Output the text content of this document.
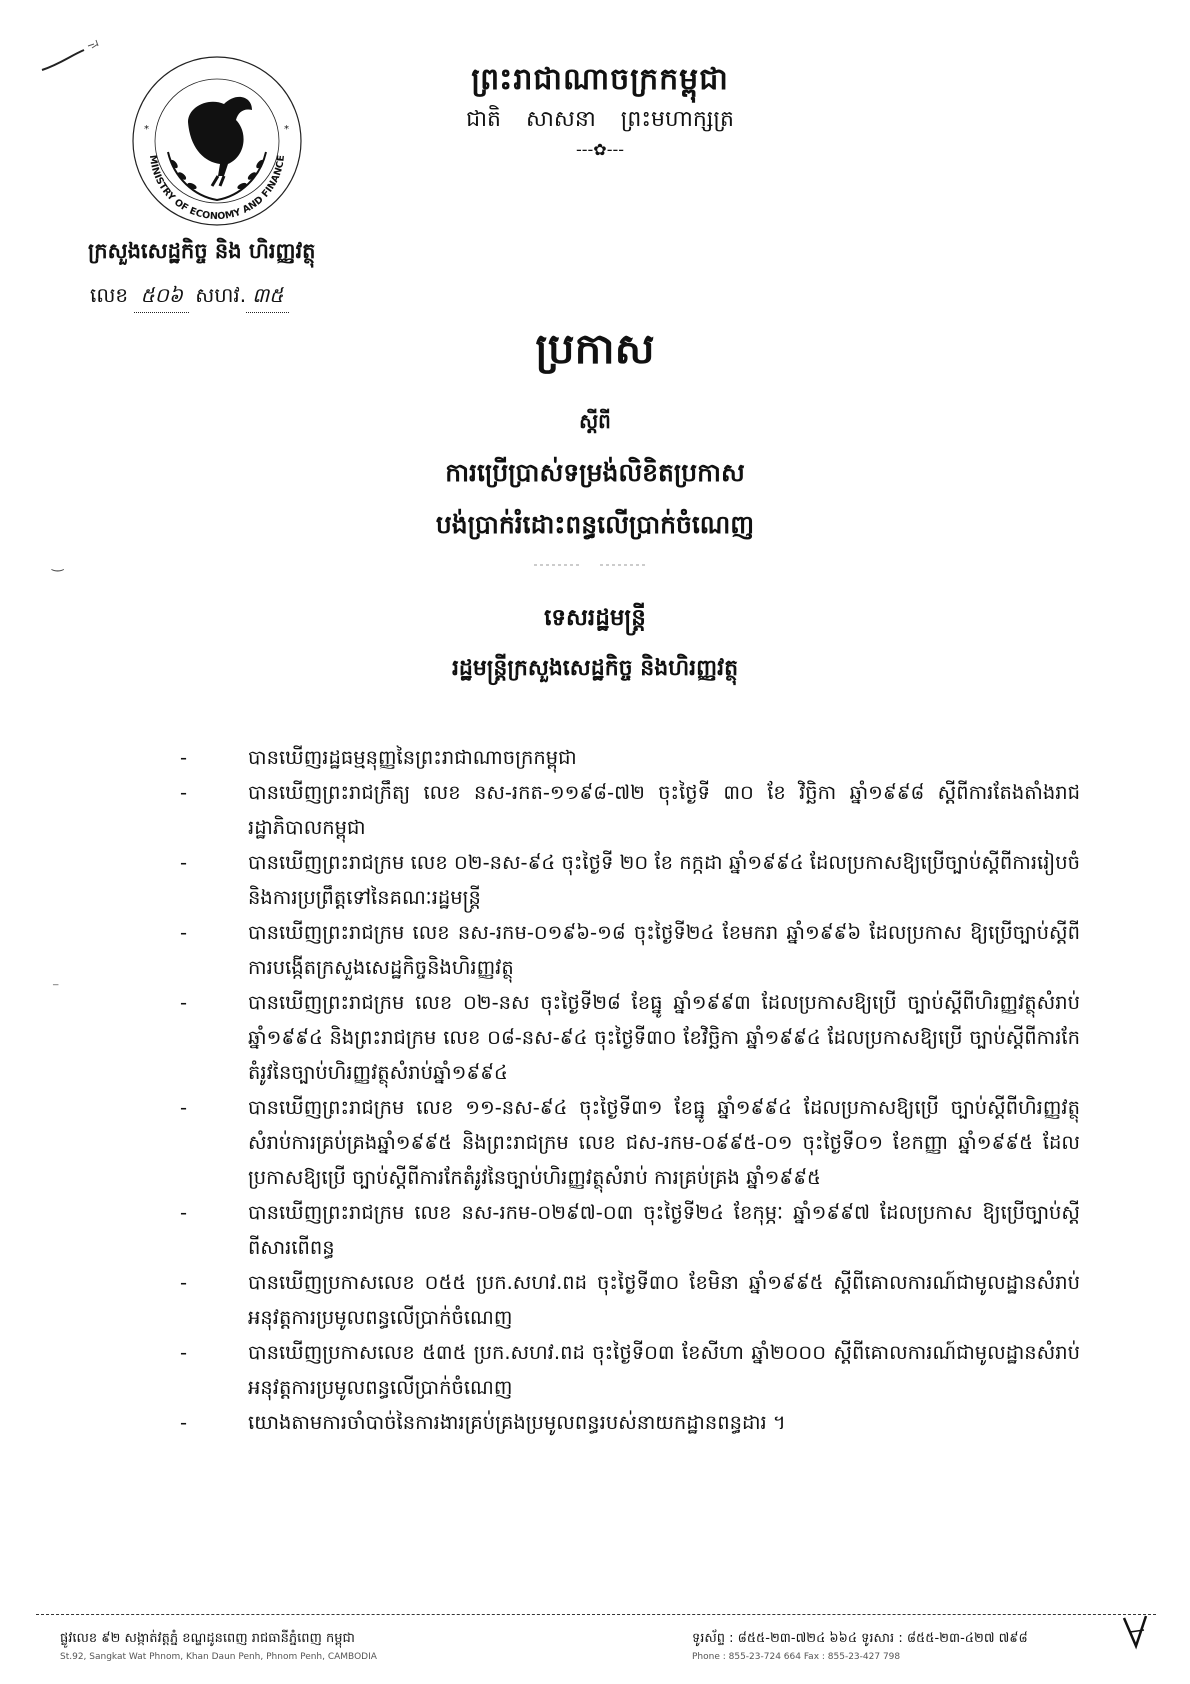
ព្រះរាជាណាចក្រកម្ពុជា
ជាតិ សាសនា ព្រះមហាក្សត្រ
---✿---
MINISTRY OF ECONOMY AND FINANCE
*	*
ក្រសួងសេដ្ឋកិច្ច និង ហិរញ្ញវត្ថុ
លេខ ៥០៦ សហវ. ៣៥
ប្រកាស
ស្តីពី
ការប្រើប្រាស់ទម្រង់លិខិតប្រកាស
បង់ប្រាក់រំដោះពន្ធលើប្រាក់ចំណេញ
ទេសរដ្ឋមន្ត្រី
រដ្ឋមន្ត្រីក្រសួងសេដ្ឋកិច្ច និងហិរញ្ញវត្ថុ
-	បានឃើញរដ្ឋធម្មនុញ្ញនៃព្រះរាជាណាចក្រកម្ពុជា
-	បានឃើញព្រះរាជក្រឹត្យ លេខ នស-រកត-១១៩៨-៧២ ចុះថ្ងៃទី ៣០ ខែ វិច្ឆិកា ឆ្នាំ១៩៩៨ ស្តីពីការតែងតាំងរាជរដ្ឋាភិបាលកម្ពុជា
-	បានឃើញព្រះរាជក្រម លេខ ០២-នស-៩៤ ចុះថ្ងៃទី ២០ ខែ កក្កដា ឆ្នាំ១៩៩៤ ដែលប្រកាសឱ្យប្រើច្បាប់ស្តីពីការរៀបចំនិងការប្រព្រឹត្តទៅនៃគណៈរដ្ឋមន្ត្រី
-	បានឃើញព្រះរាជក្រម លេខ នស-រកម-០១៩៦-១៨ ចុះថ្ងៃទី២៤ ខែមករា ឆ្នាំ១៩៩៦ ដែលប្រកាស ឱ្យប្រើច្បាប់ស្តីពីការបង្កើតក្រសួងសេដ្ឋកិច្ចនិងហិរញ្ញវត្ថុ
-	បានឃើញព្រះរាជក្រម លេខ ០២-នស ចុះថ្ងៃទី២៨ ខែធ្នូ ឆ្នាំ១៩៩៣ ដែលប្រកាសឱ្យប្រើ ច្បាប់ស្តីពីហិរញ្ញវត្ថុសំរាប់ឆ្នាំ១៩៩៤ និងព្រះរាជក្រម លេខ ០៨-នស-៩៤ ចុះថ្ងៃទី៣០ ខែវិច្ឆិកា ឆ្នាំ១៩៩៤ ដែលប្រកាសឱ្យប្រើ ច្បាប់ស្តីពីការកែតំរូវនៃច្បាប់ហិរញ្ញវត្ថុសំរាប់ឆ្នាំ១៩៩៤
-	បានឃើញព្រះរាជក្រម លេខ ១១-នស-៩៤ ចុះថ្ងៃទី៣១ ខែធ្នូ ឆ្នាំ១៩៩៤ ដែលប្រកាសឱ្យប្រើ ច្បាប់ស្តីពីហិរញ្ញវត្ថុសំរាប់ការគ្រប់គ្រងឆ្នាំ១៩៩៥ និងព្រះរាជក្រម លេខ ជស-រកម-០៩៩៥-០១ ចុះថ្ងៃទី០១ ខែកញ្ញា ឆ្នាំ១៩៩៥ ដែលប្រកាសឱ្យប្រើ ច្បាប់ស្តីពីការកែតំរូវនៃច្បាប់ហិរញ្ញវត្ថុសំរាប់ ការគ្រប់គ្រង ឆ្នាំ១៩៩៥
-	បានឃើញព្រះរាជក្រម លេខ នស-រកម-០២៩៧-០៣ ចុះថ្ងៃទី២៤ ខែកុម្ភៈ ឆ្នាំ១៩៩៧ ដែលប្រកាស ឱ្យប្រើច្បាប់ស្តីពីសារពើពន្ធ
-	បានឃើញប្រកាសលេខ ០៥៥ ប្រក.សហវ.ពដ ចុះថ្ងៃទី៣០ ខែមិនា ឆ្នាំ១៩៩៥ ស្តីពីគោលការណ៍ជាមូលដ្ឋានសំរាប់អនុវត្តការប្រមូលពន្ធលើប្រាក់ចំណេញ
-	បានឃើញប្រកាសលេខ ៥៣៥ ប្រក.សហវ.ពដ ចុះថ្ងៃទី០៣ ខែសីហា ឆ្នាំ២០០០ ស្តីពីគោលការណ៍ជាមូលដ្ឋានសំរាប់អនុវត្តការប្រមូលពន្ធលើប្រាក់ចំណេញ
-	យោងតាមការចាំបាច់នៃការងារគ្រប់គ្រងប្រមូលពន្ធរបស់នាយកដ្ឋានពន្ធដារ ។
‿
⁻
ផ្លូវលេខ ៩២ សង្កាត់វត្តភ្នំ ខណ្ឌដូនពេញ រាជធានីភ្នំពេញ កម្ពុជា
St.92, Sangkat Wat Phnom, Khan Daun Penh, Phnom Penh, CAMBODIA
ទូរស័ព្ទ : ៨៥៥-២៣-៧២៤ ៦៦៤ ទូរសារ : ៨៥៥-២៣-៤២៧ ៧៩៨
Phone : 855-23-724 664 Fax : 855-23-427 798
